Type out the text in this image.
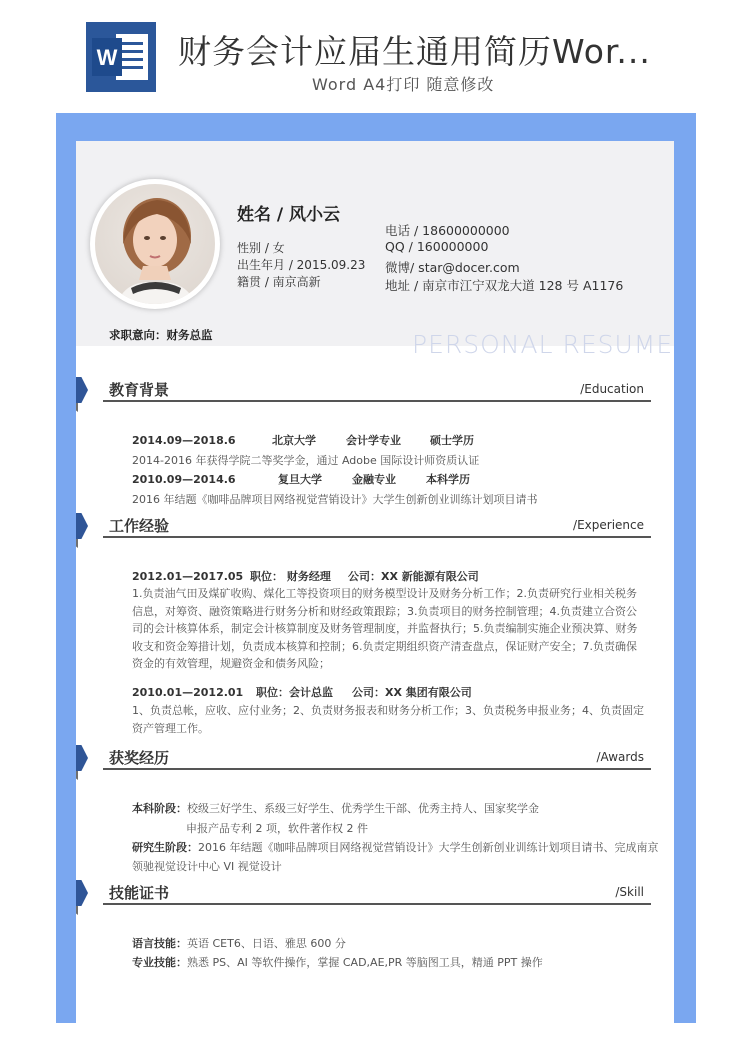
W 财务会计应届生通用简历Wor...
Word A4打印 随意修改
姓名 / 风小云
性别 / 女
出生年月 / 2015.09.23
籍贯 / 南京高新
电话 / 18600000000
QQ / 160000000
微博/ star@docer.com
地址 / 南京市江宁双龙大道 128 号 A1176
求职意向：财务总监	PERSONAL RESUME
教育背景	/Education
2014.09—2018.6	北京大学	会计学专业	硕士学历
2014-2016 年获得学院二等奖学金，通过 Adobe 国际设计师资质认证
2010.09—2014.6	复旦大学	金融专业	本科学历
2016 年结题《咖啡品牌项目网络视觉营销设计》大学生创新创业训练计划项目请书
工作经验	/Experience
2012.01—2017.05 职位： 财务经理 公司：XX 新能源有限公司
1.负责油气田及煤矿收购、煤化工等投资项目的财务模型设计及财务分析工作；2.负责研究行业相关税务
信息，对筹资、融资策略进行财务分析和财经政策跟踪；3.负责项目的财务控制管理；4.负责建立合资公
司的会计核算体系，制定会计核算制度及财务管理制度，并监督执行；5.负责编制实施企业预决算、财务
收支和资金筹措计划，负责成本核算和控制；6.负责定期组织资产清查盘点，保证财产安全；7.负责确保
资金的有效管理，规避资金和债务风险；
2010.01—2012.01 职位：会计总监 公司：XX 集团有限公司
1、负责总帐，应收、应付业务；2、负责财务报表和财务分析工作；3、负责税务申报业务；4、负责固定
资产管理工作。
获奖经历	/Awards
本科阶段：校级三好学生、系级三好学生、优秀学生干部、优秀主持人、国家奖学金
申报产品专利 2 项，软件著作权 2 件
研究生阶段：2016 年结题《咖啡品牌项目网络视觉营销设计》大学生创新创业训练计划项目请书、完成南京
领驰视觉设计中心 VI 视觉设计
技能证书	/Skill
语言技能：英语 CET6、日语、雅思 600 分
专业技能：熟悉 PS、AI 等软件操作，掌握 CAD,AE,PR 等脑图工具，精通 PPT 操作
